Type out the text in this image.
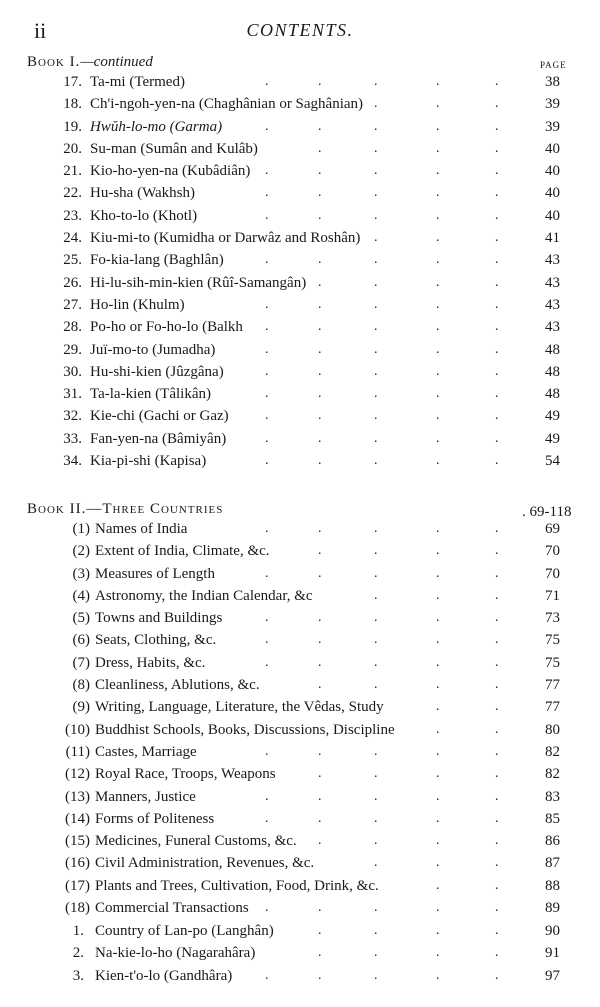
ii	CONTENTS.
Book I.—continued	PAGE
.	.	.	.	.
17. Ta-mi (Termed)	38
.	.	.
18. Ch'i-ngoh-yen-na (Chaghânian or Saghânian)	39
.	.	.	.	.
19. Hwŭh-lo-mo (Garma)	39
.	.	.	.
20. Su-man (Sumân and Kulâb)	40
.	.	.	.	.
21. Kio-ho-yen-na (Kubâdiân)	40
.	.	.	.	.
22. Hu-sha (Wakhsh)	40
.	.	.	.	.
23. Kho-to-lo (Khotl)	40
.	.	.
24. Kiu-mi-to (Kumidha or Darwâz and Roshân)	41
.	.	.	.	.
25. Fo-kia-lang (Baghlân)	43
.	.	.	.
26. Hi-lu-sih-min-kien (Rûî-Samangân)	43
.	.	.	.	.
27. Ho-lin (Khulm)	43
.	.	.	.	.
28. Po-ho or Fo-ho-lo (Balkh	43
.	.	.	.	.
29. Juï-mo-to (Jumadha)	48
.	.	.	.	.
30. Hu-shi-kien (Jûzgâna)	48
.	.	.	.	.
31. Ta-la-kien (Tâlikân)	48
.	.	.	.	.
32. Kie-chi (Gachi or Gaz)	49
.	.	.	.	.
33. Fan-yen-na (Bâmiyân)	49
.	.	.	.	.
34. Kia-pi-shi (Kapisa)	54
Book II.—Three Countries	. 69-118
.	.	.	.	.
(1) Names of India	69
.	.	.	.
(2) Extent of India, Climate, &c.	70
.	.	.	.	.
(3) Measures of Length	70
.	.	.
(4) Astronomy, the Indian Calendar, &c	71
.	.	.	.	.
(5) Towns and Buildings	73
.	.	.	.	.
(6) Seats, Clothing, &c.	75
.	.	.	.	.
(7) Dress, Habits, &c.	75
.	.	.	.
(8) Cleanliness, Ablutions, &c.	77
.	.
(9) Writing, Language, Literature, the Vêdas, Study	77
.	.
(10) Buddhist Schools, Books, Discussions, Discipline	80
.	.	.	.	.
(11) Castes, Marriage	82
.	.	.	.
(12) Royal Race, Troops, Weapons	82
.	.	.	.	.
(13) Manners, Justice	83
.	.	.	.	.
(14) Forms of Politeness	85
.	.	.	.
(15) Medicines, Funeral Customs, &c.	86
.	.	.
(16) Civil Administration, Revenues, &c.	87
.	.
(17) Plants and Trees, Cultivation, Food, Drink, &c.	88
.	.	.	.	.
(18) Commercial Transactions	89
.	.	.	.
1. Country of Lan-po (Langhân)	90
.	.	.	.
2. Na-kie-lo-ho (Nagarahâra)	91
.	.	.	.	.
3. Kien-t'o-lo (Gandhâra)	97
